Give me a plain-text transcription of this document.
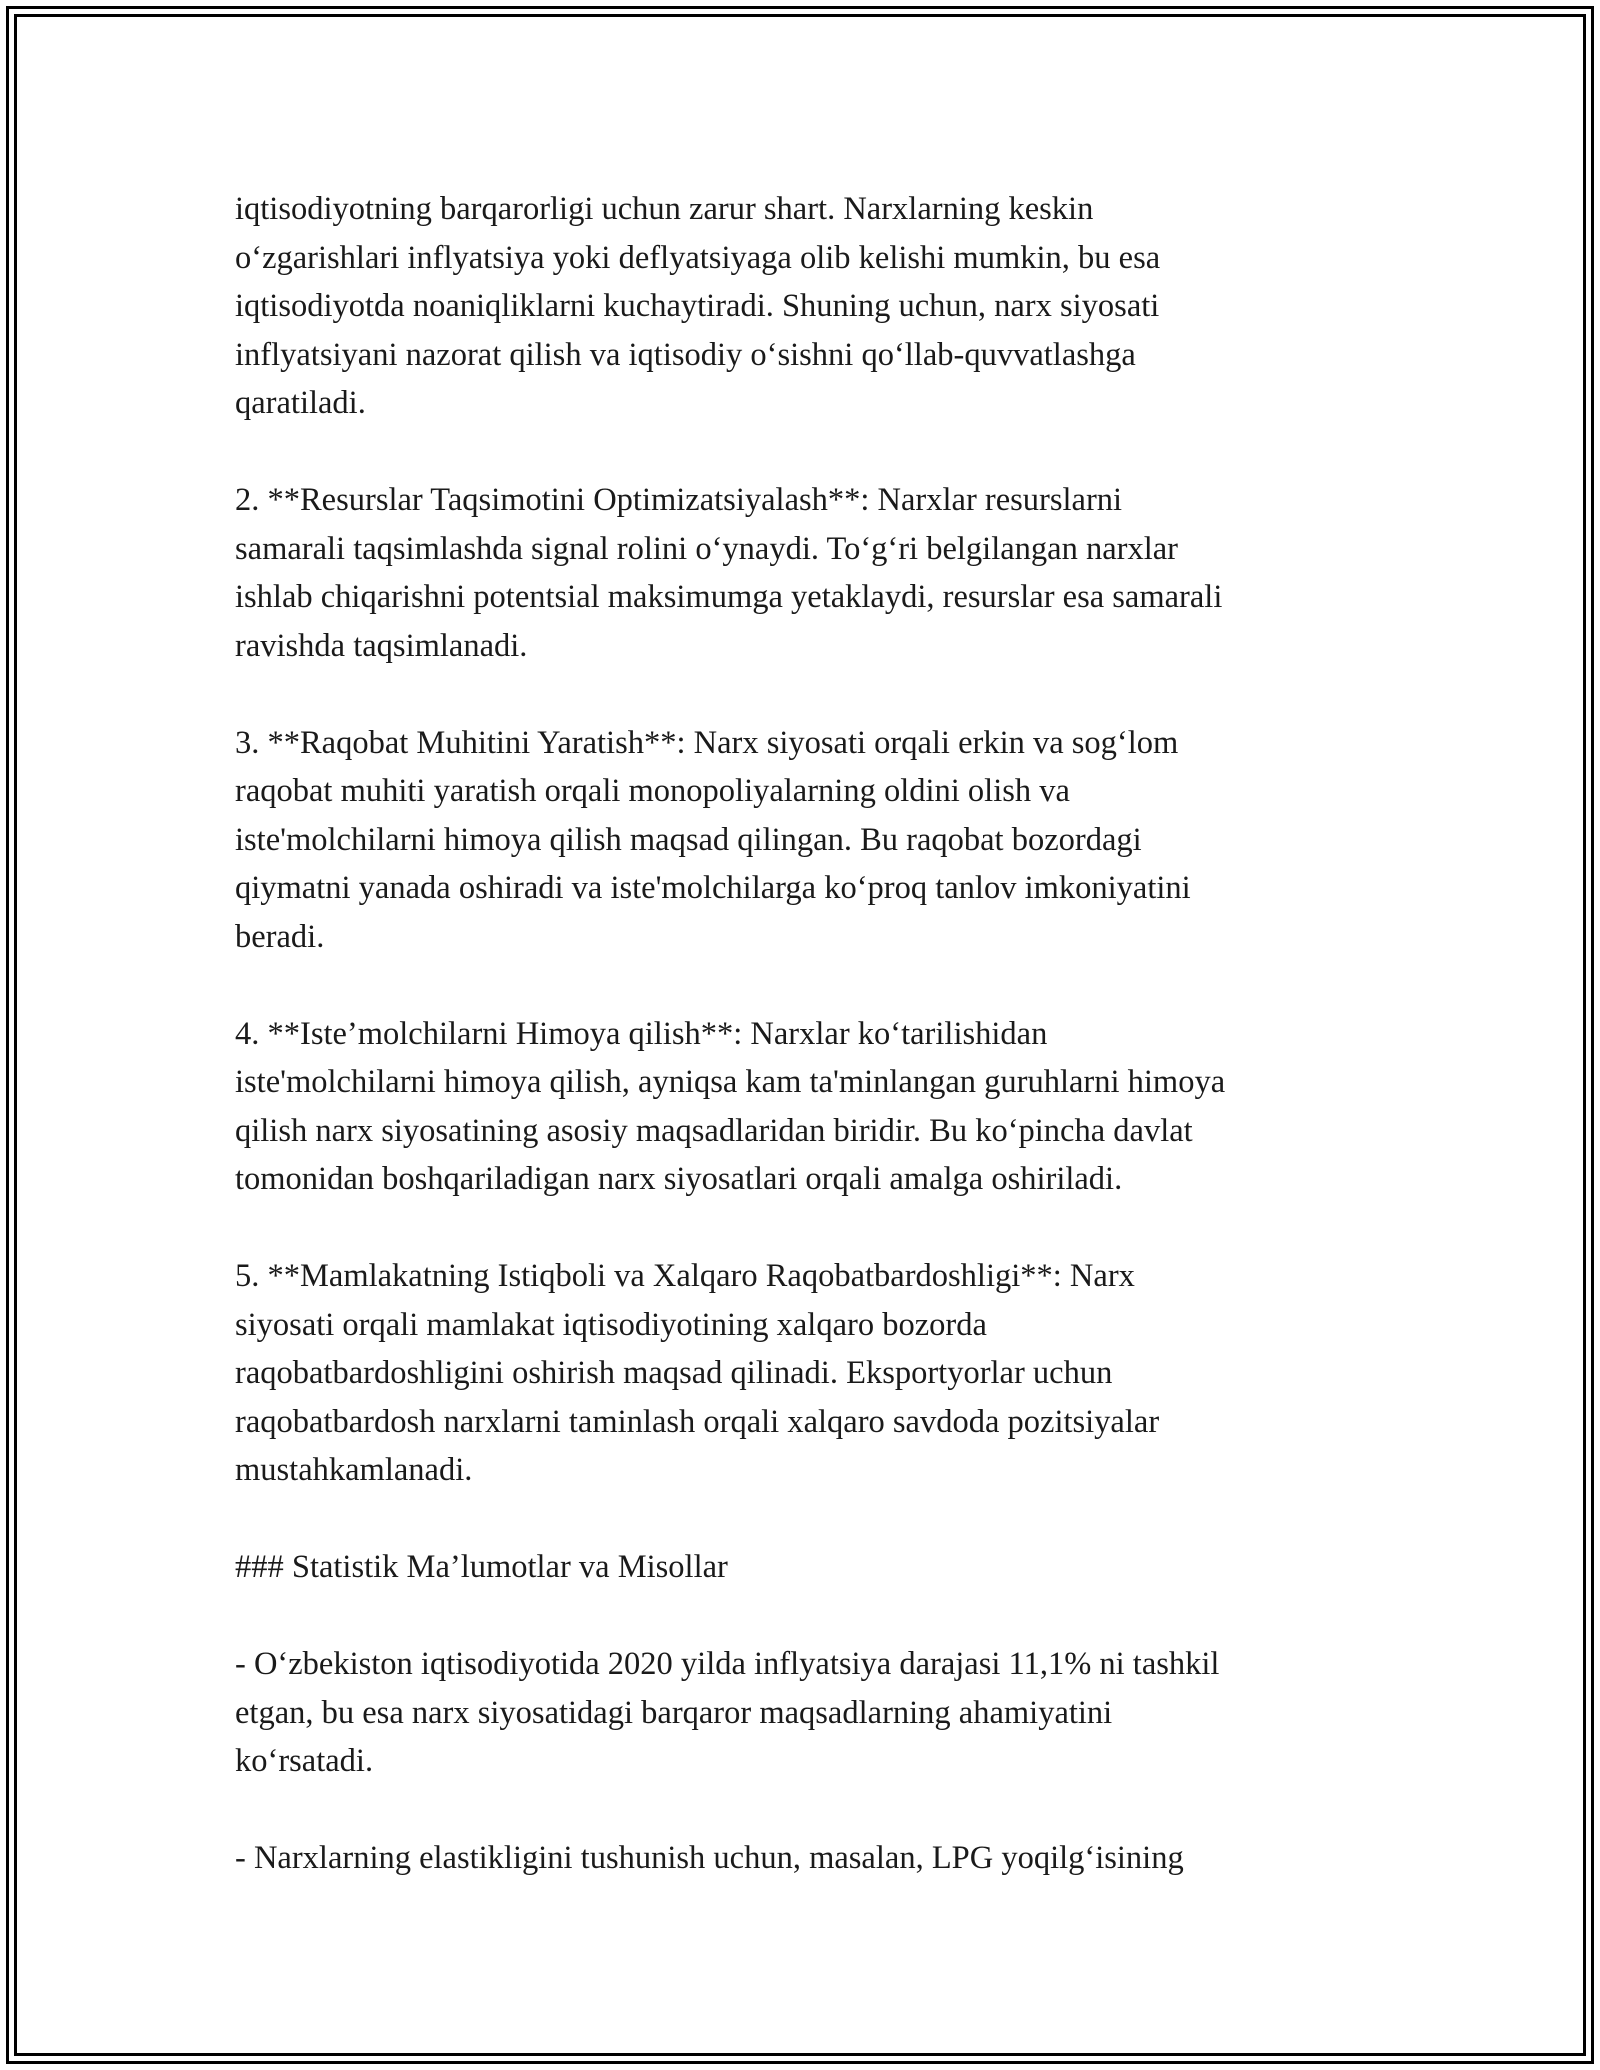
iqtisodiyotning barqarorligi uchun zarur shart. Narxlarning keskin
o‘zgarishlari inflyatsiya yoki deflyatsiyaga olib kelishi mumkin, bu esa
iqtisodiyotda noaniqliklarni kuchaytiradi. Shuning uchun, narx siyosati
inflyatsiyani nazorat qilish va iqtisodiy o‘sishni qo‘llab-quvvatlashga
qaratiladi.

2. **Resurslar Taqsimotini Optimizatsiyalash**: Narxlar resurslarni
samarali taqsimlashda signal rolini o‘ynaydi. To‘g‘ri belgilangan narxlar
ishlab chiqarishni potentsial maksimumga yetaklaydi, resurslar esa samarali
ravishda taqsimlanadi.

3. **Raqobat Muhitini Yaratish**: Narx siyosati orqali erkin va sog‘lom
raqobat muhiti yaratish orqali monopoliyalarning oldini olish va
iste'molchilarni himoya qilish maqsad qilingan. Bu raqobat bozordagi
qiymatni yanada oshiradi va iste'molchilarga ko‘proq tanlov imkoniyatini
beradi.

4. **Iste’molchilarni Himoya qilish**: Narxlar ko‘tarilishidan
iste'molchilarni himoya qilish, ayniqsa kam ta'minlangan guruhlarni himoya
qilish narx siyosatining asosiy maqsadlaridan biridir. Bu ko‘pincha davlat
tomonidan boshqariladigan narx siyosatlari orqali amalga oshiriladi.

5. **Mamlakatning Istiqboli va Xalqaro Raqobatbardoshligi**: Narx
siyosati orqali mamlakat iqtisodiyotining xalqaro bozorda
raqobatbardoshligini oshirish maqsad qilinadi. Eksportyorlar uchun
raqobatbardosh narxlarni taminlash orqali xalqaro savdoda pozitsiyalar
mustahkamlanadi.

### Statistik Ma’lumotlar va Misollar

- O‘zbekiston iqtisodiyotida 2020 yilda inflyatsiya darajasi 11,1% ni tashkil
etgan, bu esa narx siyosatidagi barqaror maqsadlarning ahamiyatini
ko‘rsatadi.

- Narxlarning elastikligini tushunish uchun, masalan, LPG yoqilg‘isining
